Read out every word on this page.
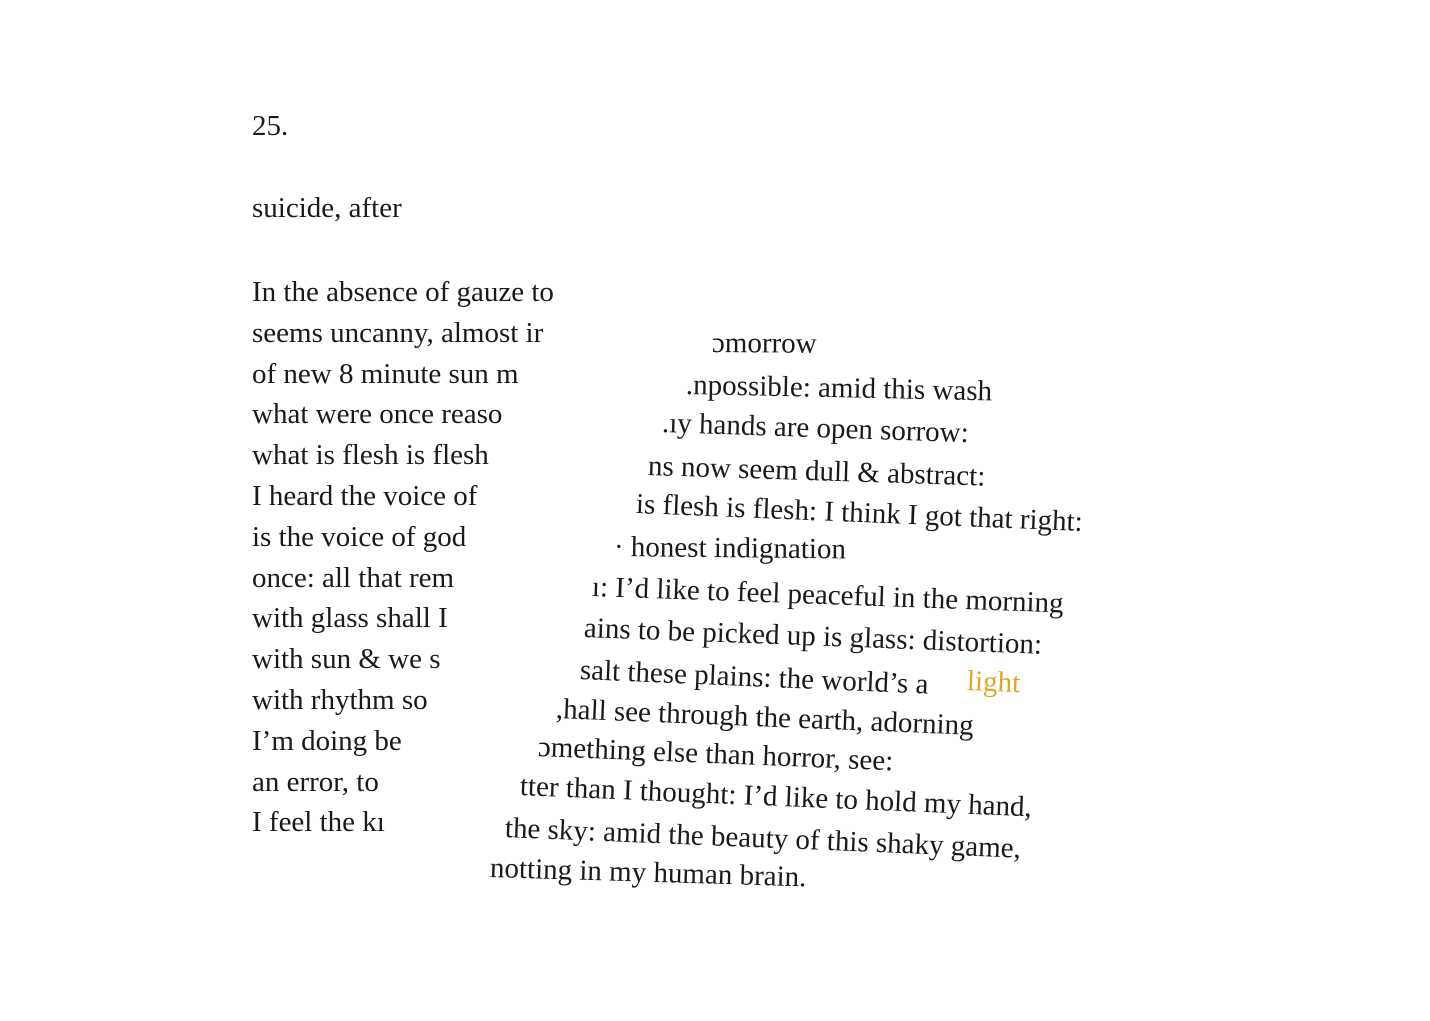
25.
suicide, after
In the absence of gauze to
seems uncanny, almost ir
of new 8 minute sun m
what were once reaso
what is flesh is flesh
I heard the voice of
is the voice of god
once: all that rem
with glass shall I
with sun & we s
with rhythm so
I’m doing be
an error, to
I feel the kı
ɔmorrow
.npossible: amid this wash
.ıy hands are open sorrow:
ns now seem dull & abstract:
is flesh is flesh: I think I got that right:
· honest indignation
ı: I’d like to feel peaceful in the morning
ains to be picked up is glass: distortion:
salt these plains: the world’s a light
,hall see through the earth, adorning
ɔmething else than horror, see:
tter than I thought: I’d like to hold my hand,
the sky: amid the beauty of this shaky game,
notting in my human brain.
